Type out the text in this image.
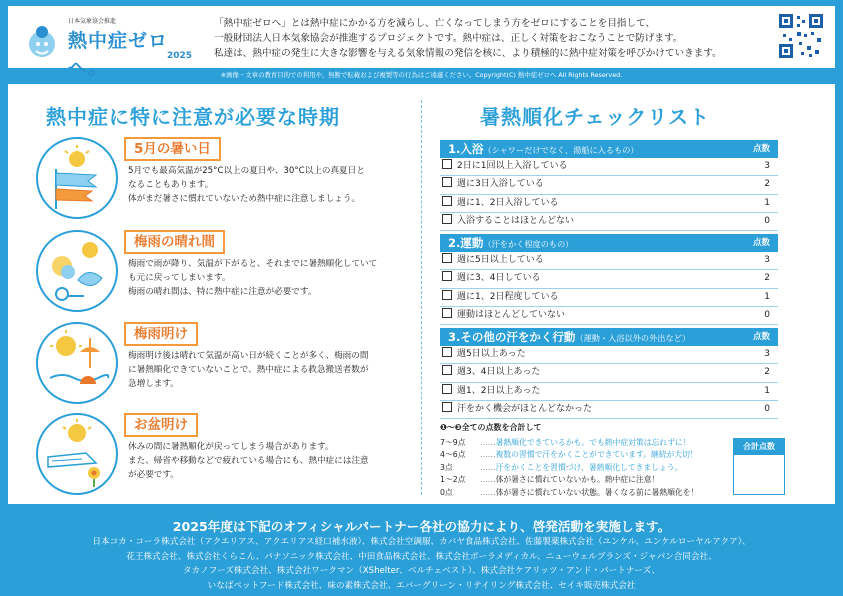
日本気象協会推進
熱中症ゼロへ。
2025
「熱中症ゼロへ」とは熱中症にかかる方を減らし、亡くなってしまう方をゼロにすることを目指して、
一般財団法人日本気象協会が推進するプロジェクトです。熱中症は、正しく対策をおこなうことで防げます。
私達は、熱中症の発生に大きな影響を与える気象情報の発信を核に、より積極的に熱中症対策を呼びかけていきます。
※画像・文章の教育目的での利用や、無断で転載および複製等の行為はご遠慮ください。Copyright(C) 熱中症ゼロへ All Rights Reserved.
熱中症に特に注意が必要な時期
5月の暑い日
5月でも最高気温が25°C以上の夏日や、30°C以上の真夏日と
なることもあります。
体がまだ暑さに慣れていないため熱中症に注意しましょう。
梅雨の晴れ間
梅雨で雨が降り、気温が下がると、それまでに暑熱順化していて
も元に戻ってしまいます。
梅雨の晴れ間は、特に熱中症に注意が必要です。
梅雨明け
梅雨明け後は晴れて気温が高い日が続くことが多く、梅雨の間
に暑熱順化できていないことで、熱中症による救急搬送者数が
急増します。
お盆明け
休みの間に暑熱順化が戻ってしまう場合があります。
また、帰省や移動などで疲れている場合にも、熱中症には注意
が必要です。
暑熱順化チェックリスト
1.入浴（シャワーだけでなく、湯船に入るもの）	点数
2日に1回以上入浴している	3
週に3日入浴している	2
週に1、2日入浴している	1
入浴することはほとんどない	0
2.運動（汗をかく程度のもの）	点数
週に5日以上している	3
週に3、4日している	2
週に1、2日程度している	1
運動はほとんどしていない	0
3.その他の汗をかく行動（運動・入浴以外の外出など）	点数
週5日以上あった	3
週3、4日以上あった	2
週1、2日以上あった	1
汗をかく機会がほとんどなかった	0
❶〜❸全ての点数を合計して
7〜9点 ……暑熱順化できているかも。でも熱中症対策は忘れずに！
4〜6点 ……複数の習慣で汗をかくことができています。継続が大切！
3点	……汗をかくことを習慣づけ、暑熱順化してきましょう。
1〜2点 ……体が暑さに慣れていないかも。熱中症に注意！
0点	……体が暑さに慣れていない状態。暑くなる前に暑熱順化を！
合計点数
2025年度は下記のオフィシャルパートナー各社の協力により、啓発活動を実施します。
日本コカ・コーラ株式会社（アクエリアス、アクエリアス経口補水液）、株式会社空調服、カバヤ食品株式会社、佐藤製薬株式会社（ユンケル、ユンケルローヤルアクア）、
花王株式会社、株式会社くらこん、パナソニック株式会社、中田食品株式会社、株式会社ポーラメディカル、ニューウェルブランズ・ジャパン合同会社、
タカノフーズ株式会社、株式会社ワークマン（XShelter、ベルチェベスト）、株式会社ケアリッツ・アンド・パートナーズ、
いなばペットフード株式会社、味の素株式会社、エバーグリーン・リテイリング株式会社、セイキ販売株式会社
